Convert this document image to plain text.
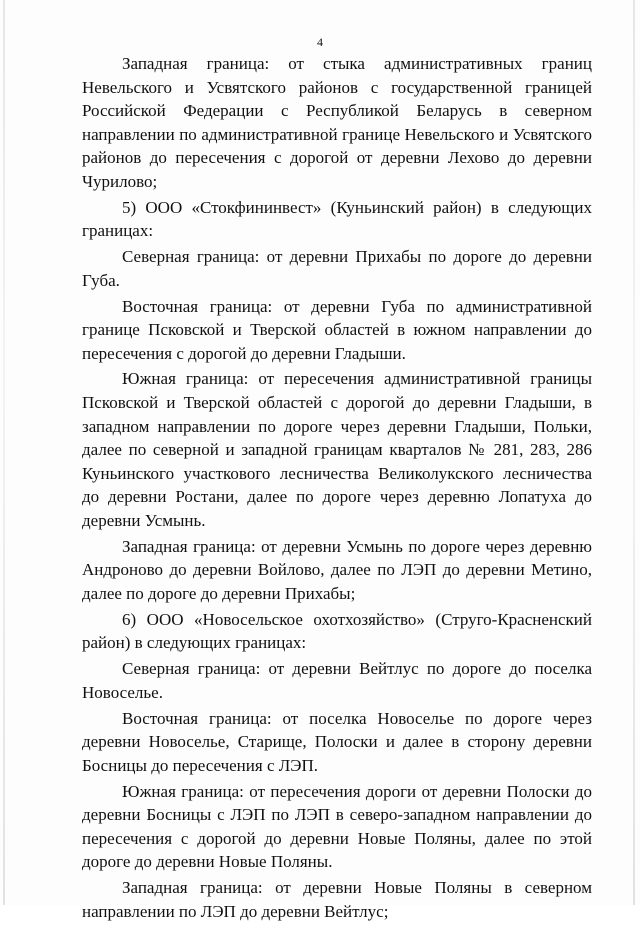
4

Западная граница: от стыка административных границ Невельского и Усвятского районов с государственной границей Российской Федерации с Республикой Беларусь в северном направлении по административной границе Невельского и Усвятского районов до пересечения с дорогой от деревни Лехово до деревни Чурилово;

5) ООО «Стокфининвест» (Куньинский район) в следующих границах:

Северная граница: от деревни Прихабы по дороге до деревни Губа.

Восточная граница: от деревни Губа по административной границе Псковской и Тверской областей в южном направлении до пересечения с дорогой до деревни Гладыши.

Южная граница: от пересечения административной границы Псковской и Тверской областей с дорогой до деревни Гладыши, в западном направлении по дороге через деревни Гладыши, Польки, далее по северной и западной границам кварталов № 281, 283, 286 Куньинского участкового лесничества Великолукского лесничества до деревни Ростани, далее по дороге через деревню Лопатуха до деревни Усмынь.

Западная граница: от деревни Усмынь по дороге через деревню Андроново до деревни Войлово, далее по ЛЭП до деревни Метино, далее по дороге до деревни Прихабы;

6) ООО «Новосельское охотхозяйство» (Струго-Красненский район) в следующих границах:

Северная граница: от деревни Вейтлус по дороге до поселка Новоселье.

Восточная граница: от поселка Новоселье по дороге через деревни Новоселье, Старище, Полоски и далее в сторону деревни Босницы до пересечения с ЛЭП.

Южная граница: от пересечения дороги от деревни Полоски до деревни Босницы с ЛЭП по ЛЭП в северо-западном направлении до пересечения с дорогой до деревни Новые Поляны, далее по этой дороге до деревни Новые Поляны.

Западная граница: от деревни Новые Поляны в северном направлении по ЛЭП до деревни Вейтлус;
